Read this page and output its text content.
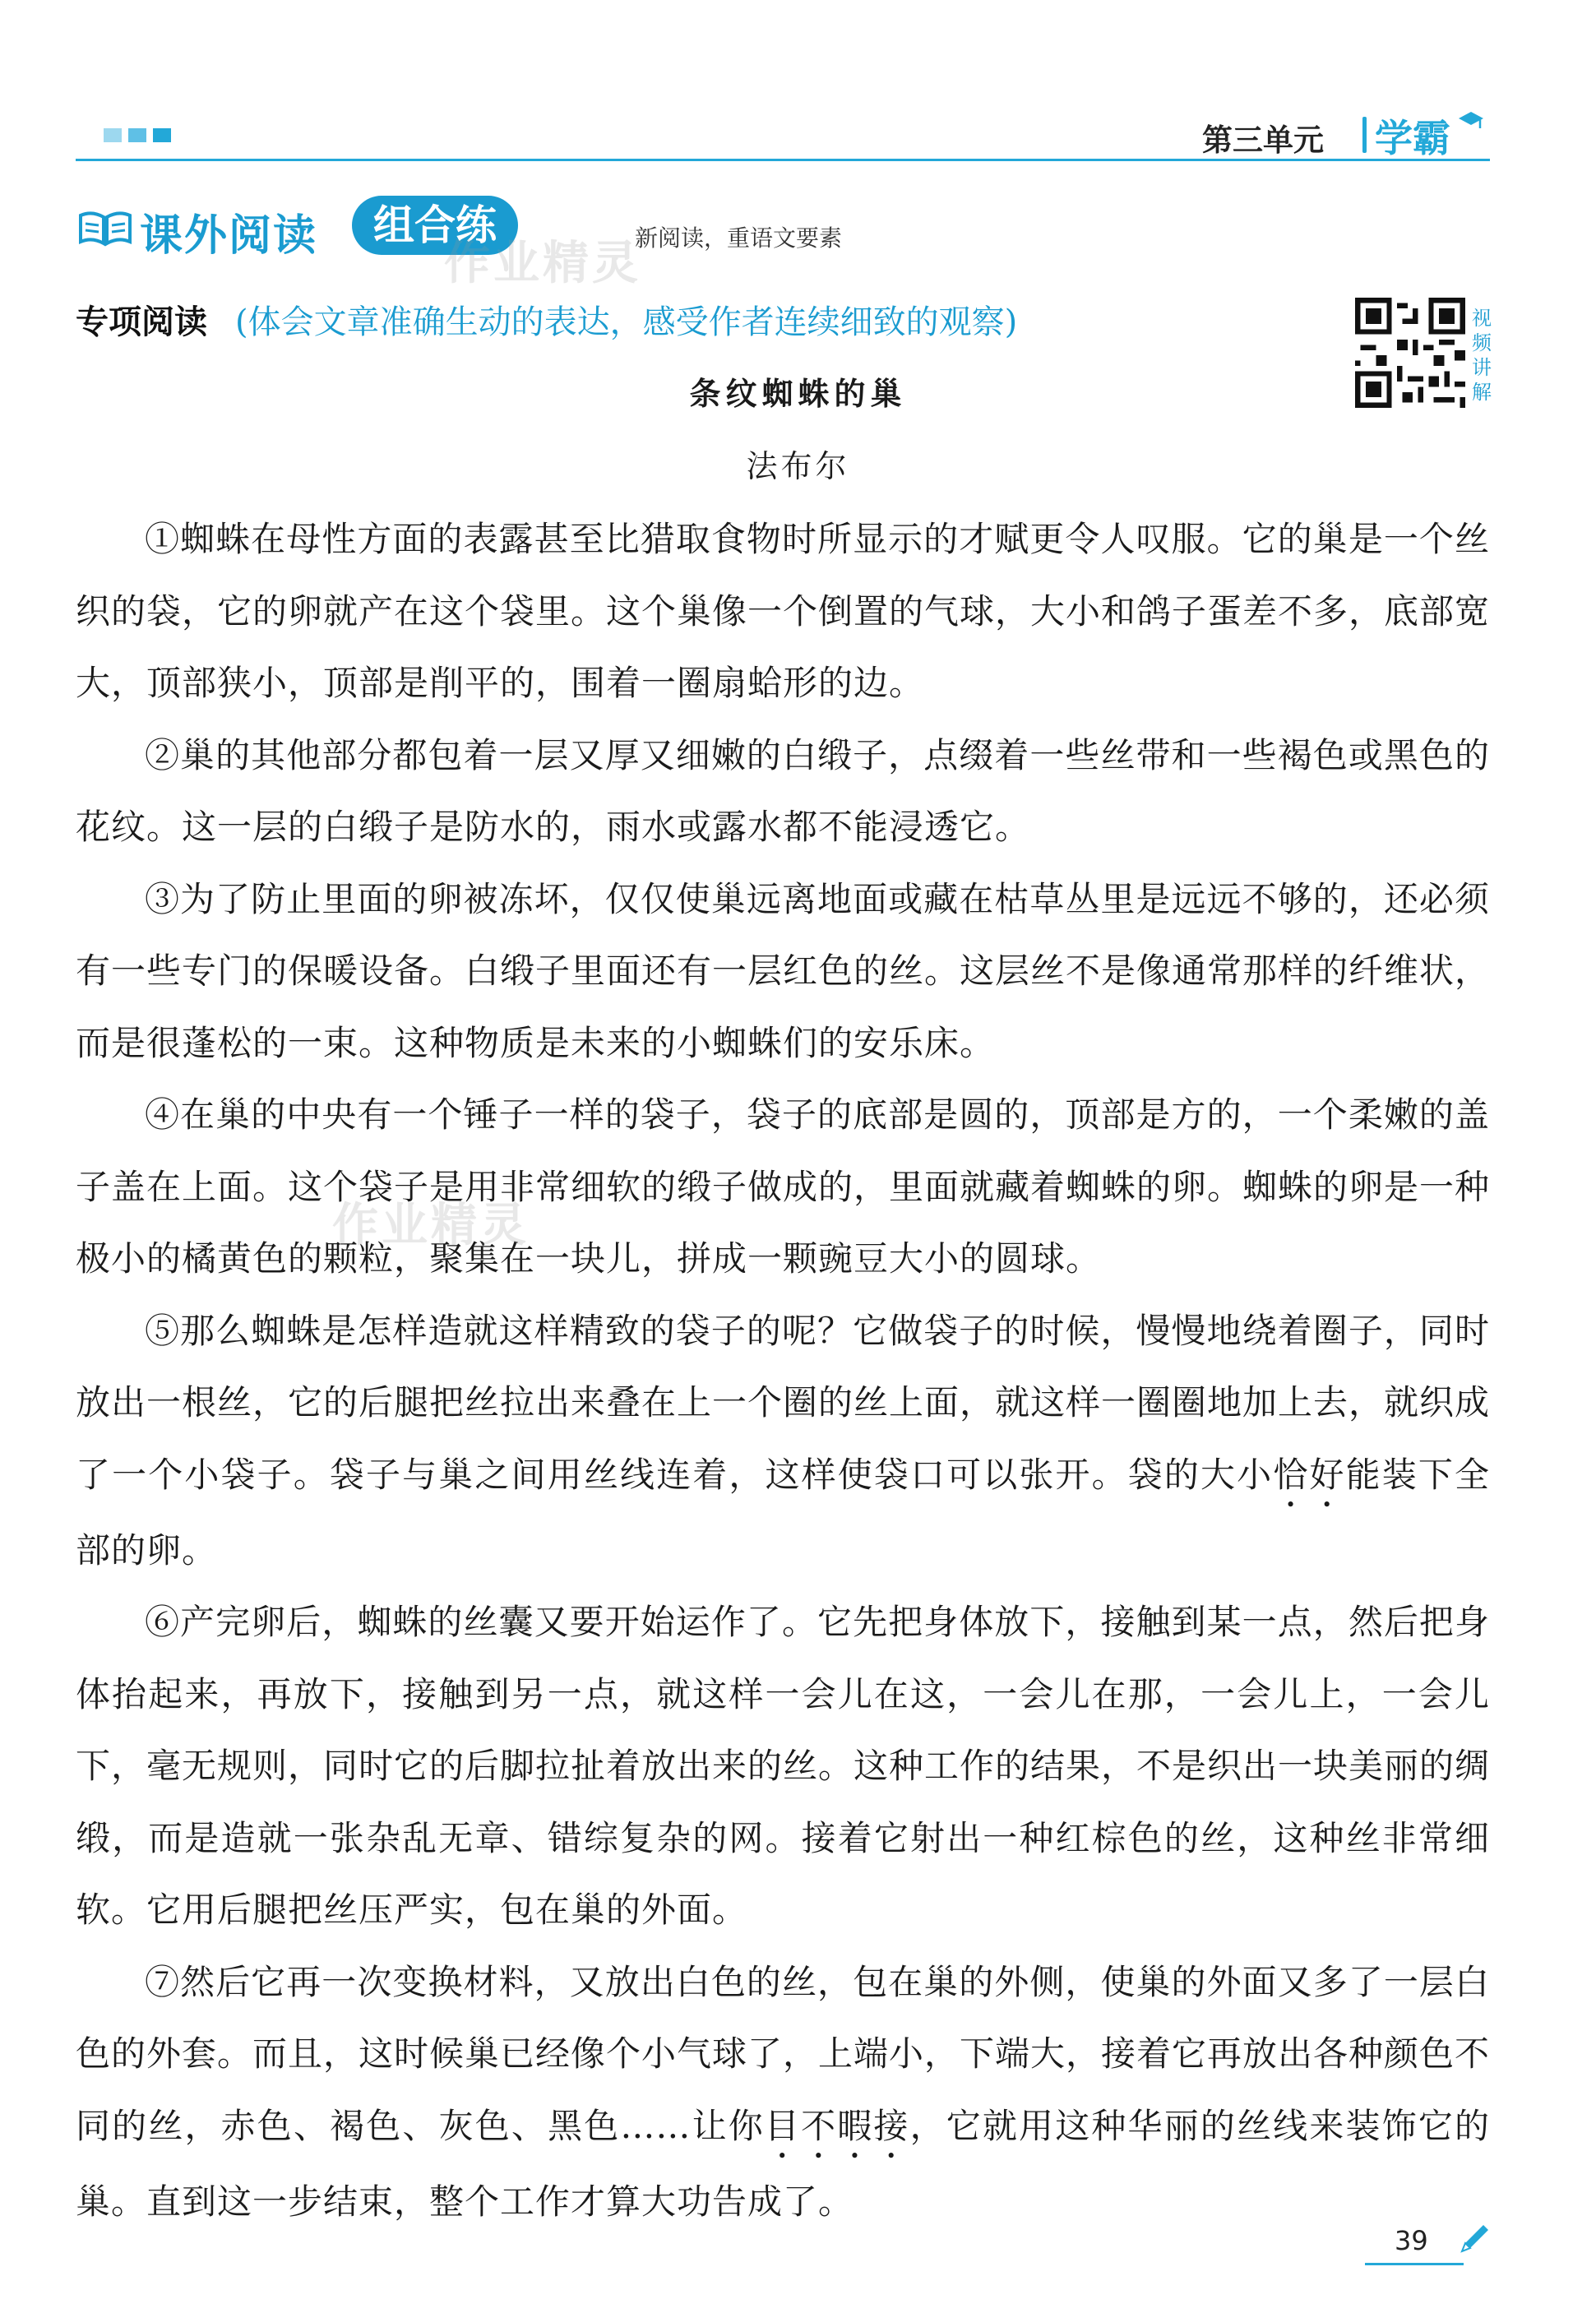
第三单元 学霸
课外阅读	组合练	新阅读，重语文要素
作业精灵
专项阅读 (体会文章准确生动的表达，感受作者连续细致的观察)	视频讲解
条纹蜘蛛的巢
法布尔

①蜘蛛在母性方面的表露甚至比猎取食物时所显示的才赋更令人叹服。它的巢是一个丝织的袋，它的卵就产在这个袋里。这个巢像一个倒置的气球，大小和鸽子蛋差不多，底部宽大，顶部狭小，顶部是削平的，围着一圈扇蛤形的边。

②巢的其他部分都包着一层又厚又细嫩的白缎子，点缀着一些丝带和一些褐色或黑色的花纹。这一层的白缎子是防水的，雨水或露水都不能浸透它。

③为了防止里面的卵被冻坏，仅仅使巢远离地面或藏在枯草丛里是远远不够的，还必须有一些专门的保暖设备。白缎子里面还有一层红色的丝。这层丝不是像通常那样的纤维状，而是很蓬松的一束。这种物质是未来的小蜘蛛们的安乐床。

④在巢的中央有一个锤子一样的袋子，袋子的底部是圆的，顶部是方的，一个柔嫩的盖子盖在上面。这个袋子是用非常细软的缎子做成的，里面就藏着蜘蛛的卵。蜘蛛的卵是一种极小的橘黄色的颗粒，聚集在一块儿，拼成一颗豌豆大小的圆球。

⑤那么蜘蛛是怎样造就这样精致的袋子的呢？它做袋子的时候，慢慢地绕着圈子，同时放出一根丝，它的后腿把丝拉出来叠在上一个圈的丝上面，就这样一圈圈地加上去，就织成了一个小袋子。袋子与巢之间用丝线连着，这样使袋口可以张开。袋的大小恰好能装下全部的卵。

⑥产完卵后，蜘蛛的丝囊又要开始运作了。它先把身体放下，接触到某一点，然后把身体抬起来，再放下，接触到另一点，就这样一会儿在这，一会儿在那，一会儿上，一会儿下，毫无规则，同时它的后脚拉扯着放出来的丝。这种工作的结果，不是织出一块美丽的绸缎，而是造就一张杂乱无章、错综复杂的网。接着它射出一种红棕色的丝，这种丝非常细软。它用后腿把丝压严实，包在巢的外面。

⑦然后它再一次变换材料，又放出白色的丝，包在巢的外侧，使巢的外面又多了一层白色的外套。而且，这时候巢已经像个小气球了，上端小，下端大，接着它再放出各种颜色不同的丝，赤色、褐色、灰色、黑色……让你目不暇接，它就用这种华丽的丝线来装饰它的巢。直到这一步结束，整个工作才算大功告成了。

作业精灵
39
